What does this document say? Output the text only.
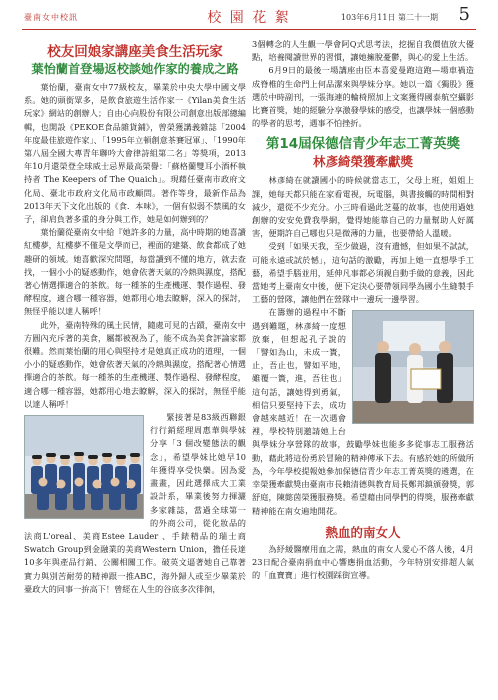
臺南女中校訊	校 園 花 絮	103年6月11日 第二十一期 5
校友回娘家講座美食生活玩家
葉怡蘭首登場返校談她作家的養成之路

葉怡蘭，臺南女中77級校友，畢業於中央大學中國文學系。她的頭銜眾多，是飲食旅遊生活作家一《Yilan美食生活玩家》網站的創辦人；自由心向股份有限公司創意出版部總編輯，也開設《PEKOE食品雜貨鋪》，曾榮獲講義雜誌「2004年度最佳旅遊作家」、「1995年立頓創意茶賽冠軍」、「1990年第八屆全國大專青年聯吟大會律詩組第二名」等獎項，2013年10月還榮登全球威士忌界最高榮譽：「蘇格蘭雙耳小酒杯執持者 The Keepers of The Quaich」。現藉任臺南市政府文化局、臺北市政府文化局市政顧問。著作等身，最新作品為2013年天下文化出版的《食．本味》，一個有似弱不禁風的女子，卻肩負著多重的身分與工作，她是如何辦到的？

葉怡蘭從臺南女中給『她許多的力量，高中時期的她喜讀紅樓夢，紅樓夢不僅是文學而已，裡面的建築、飲食都成了她趣研的領域。她喜歡深究問題，每當讀到不懂的地方，就去查找，一個小小的疑惑動作，她會依著天氣的冷熱與濕度，搭配著心情選擇適合的茶飲。每一種茶的生產機運、製作過程、發酵程度，適合哪一種容器，她都用心地去瞭解，深入的探討，無怪乎能以達人稱呼！

此外，臺南特殊的風土民情，隨處可見的古蹟，臺南女中方圓內充斥著的美食，屬都被視為了，能不成為美食評論家都很難。然而葉怡蘭的用心與堅持才是她真正成功的道理，一個小小的疑惑動作，她會依著天氣的冷熱與濕度，搭配著心情選擇適合的茶飲。每一種茶的生產機運、製作過程、發酵程度，適合哪一種容器，她都用心地去瞭解，深入的探討，無怪乎能以達人稱呼！

緊接著是83級西聯銀行行銷經理周惠華與學妹分享「3 個改變態法的觀念」，希望學妹比她早10 年獲得享受快樂。因為愛畫畫，因此選擇成大工業設計系，畢業後努力揮灑多家雜誌，當過全球第一的外商公司，從化妝品的法商L'oreal、美商Estee Lauder 、手錶精品的瑞士商Swatch Group到金融業的美商Western Union，擔任長達10多年與產品行銷、公關相關工作。破英文逼著她自己靠著實力與別苦耐勞的精神跟一推ABC，海外歸人或至少畢業於臺政大的同事一拚高下！曾經在人生的谷底多次徘徊，

3個轉念的人生觀一學會阿Q式思考法，挖掘自我價值放大優點，培養閱讀世界的習慣，讓她擁脫憂鬱，與心的愛上生活。

6月9日的最後一場講座由臣本喜愛曼跑這跑—場車禍造成脊椎的生命門上何品潔來與學妹分享。她以一篇《獨股》獲選於中時副刊，一張海連的輪椅照加上文案獲得國泰航空攝影比賽首獎，她的經驗分享激發學妹的感受，也讓學妹一個感動的學者的思考，遇事不怕挫折。

第14屆保德信青少年志工菁英獎
林彥綺榮獲牽獻獎

林彥綺在就讀國小的時候就當志工，父母上班，姐姐上課，她每天都只能在家看電視，玩電腦，與書接觸的時間相對減少，還從不少充分。小三時看過此芝蔓的故事，也使用過她創辦的安安免費我學網，覺得她能靠自己的力量幫助人好厲害，便期許自己哪也只是微薄的力量，也要帶給人溫暖。

受到「如果天我，至少做過，沒有遺憾，但如果不試試，可能永遠或試於憾」，這句話的激勵，再加上她一直想學手工藝，希望手腦並用，延伸凡事都必須親自動手做的意義，因此當她考上臺南女中後，便下定決心要帶領同學為國小生縫製手工藝的營隊，讓他們在營隊中一邊玩一邊學習。

在籌辦的過程中不斷遇到難題，林彥綺一度想放棄，但想起孔子說的「譬如為山，未成一簣，止，吾止也，譬如平地，雖覆一簣，進，吾往也」這句話，讓她得到勇氣，相信只要堅持下去，成功會越來越近！在一次遇會裡，學校特別邀請她上台與學妹分享營隊的故事，鼓勵學妹也能多多從事志工服務活動，藉此將這份勇於冒險的精神傳承下去。有感於她的所做所為，今年學校提報她參加保德信青少年志工菁英獎的遴選，在幸榮獲牽獻獎由臺南市長賴清德與教育局長鄭邦鎮頒發獎，郭舒庭，陳懿茵榮獲服務獎。希望藉由同學們的得獎，服務牽獻精神能在南女遍地開花。

熱血的南女人

為紓緩醫療用血之需，熱血的南女人愛心不落人後，4月23日配合臺南捐血中心響應捐血活動，今年特別安排超人氣的「血寶寶」進行校園踩街宣導。
